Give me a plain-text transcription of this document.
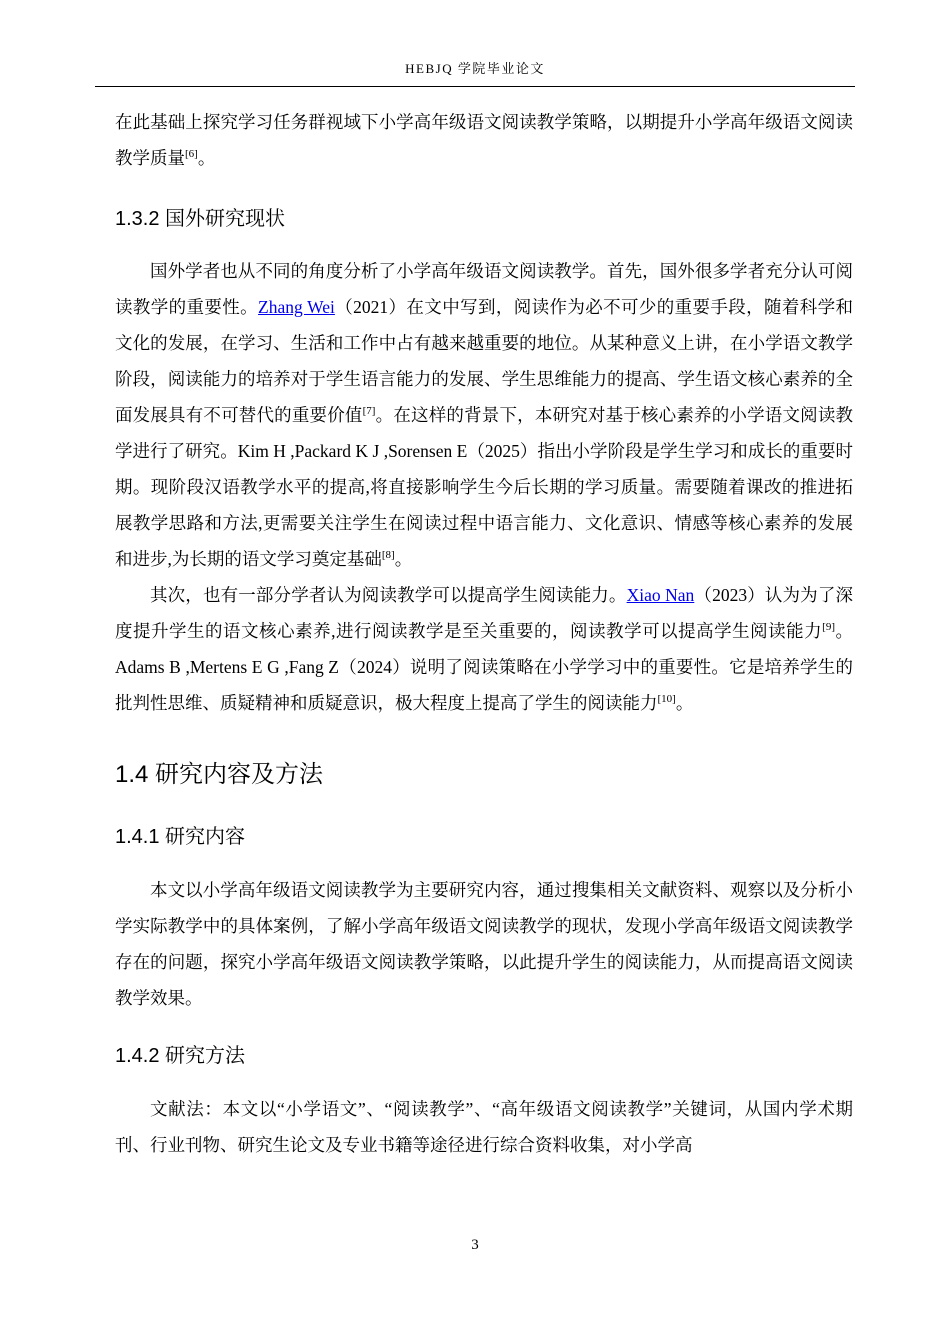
HEBJQ 学院毕业论文

在此基础上探究学习任务群视域下小学高年级语文阅读教学策略，以期提升小学高年级语文阅读教学质量[6]。

1.3.2 国外研究现状

国外学者也从不同的角度分析了小学高年级语文阅读教学。首先，国外很多学者充分认可阅读教学的重要性。Zhang Wei（2021）在文中写到，阅读作为必不可少的重要手段，随着科学和文化的发展，在学习、生活和工作中占有越来越重要的地位。从某种意义上讲，在小学语文教学阶段，阅读能力的培养对于学生语言能力的发展、学生思维能力的提高、学生语文核心素养的全面发展具有不可替代的重要价值[7]。在这样的背景下，本研究对基于核心素养的小学语文阅读教学进行了研究。Kim H ,Packard K J ,Sorensen E（2025）指出小学阶段是学生学习和成长的重要时期。现阶段汉语教学水平的提高,将直接影响学生今后长期的学习质量。需要随着课改的推进拓展教学思路和方法,更需要关注学生在阅读过程中语言能力、文化意识、情感等核心素养的发展和进步,为长期的语文学习奠定基础[8]。

其次，也有一部分学者认为阅读教学可以提高学生阅读能力。Xiao Nan（2023）认为为了深度提升学生的语文核心素养,进行阅读教学是至关重要的，阅读教学可以提高学生阅读能力[9]。Adams B ,Mertens E G ,Fang Z（2024）说明了阅读策略在小学学习中的重要性。它是培养学生的批判性思维、质疑精神和质疑意识，极大程度上提高了学生的阅读能力[10]。

1.4 研究内容及方法
1.4.1 研究内容

本文以小学高年级语文阅读教学为主要研究内容，通过搜集相关文献资料、观察以及分析小学实际教学中的具体案例，了解小学高年级语文阅读教学的现状，发现小学高年级语文阅读教学存在的问题，探究小学高年级语文阅读教学策略，以此提升学生的阅读能力，从而提高语文阅读教学效果。

1.4.2 研究方法

文献法：本文以“小学语文”、“阅读教学”、“高年级语文阅读教学”关键词，从国内学术期刊、行业刊物、研究生论文及专业书籍等途径进行综合资料收集，对小学高

3
